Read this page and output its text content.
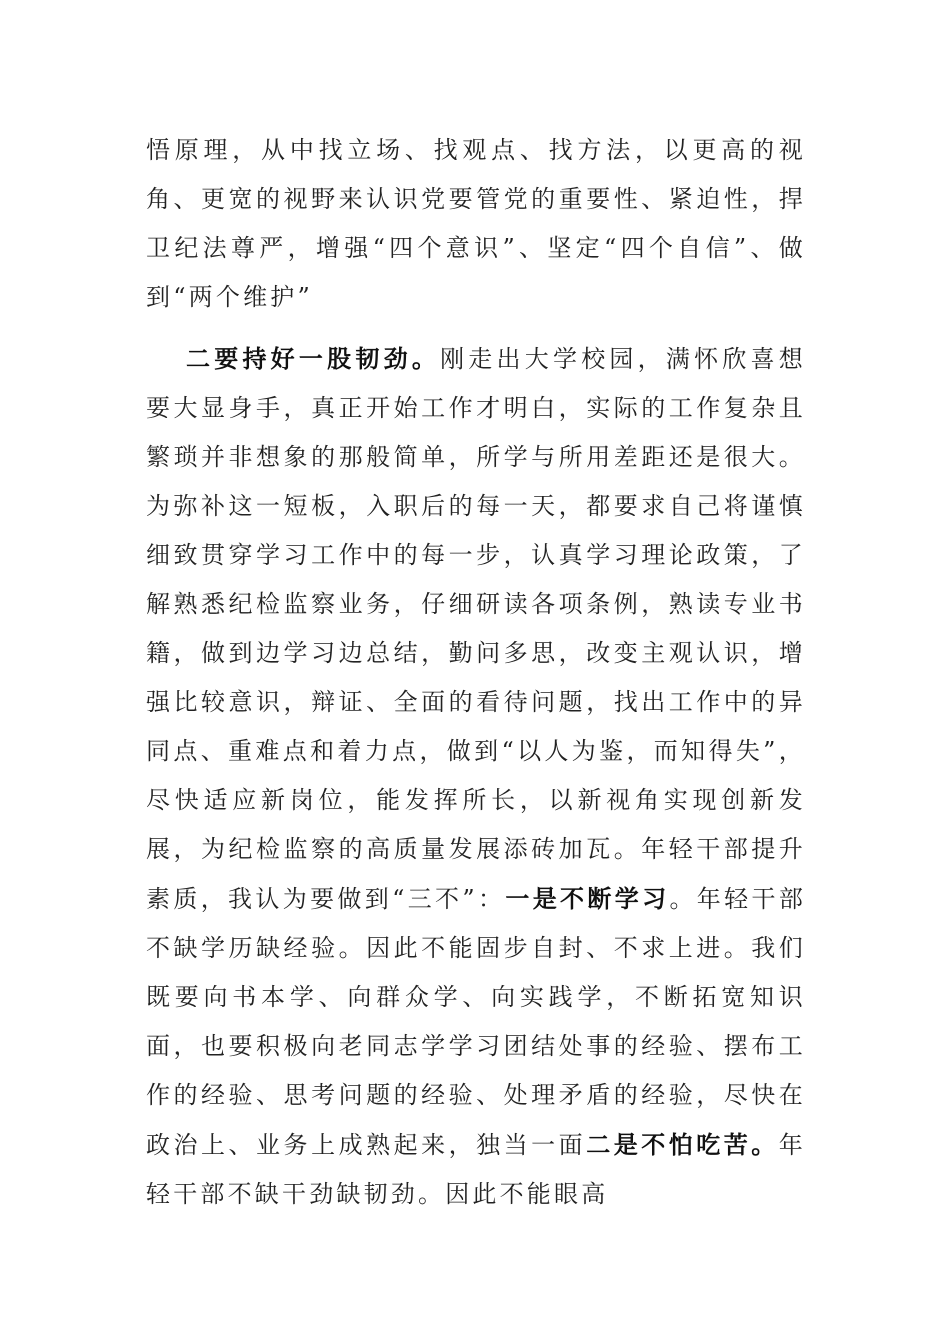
悟原理，从中找立场、找观点、找方法，以更高的视角、更宽的视野来认识党要管党的重要性、紧迫性，捍卫纪法尊严，增强“四个意识”、坚定“四个自信”、做到“两个维护”

二要持好一股韧劲。刚走出大学校园，满怀欣喜想要大显身手，真正开始工作才明白，实际的工作复杂且繁琐并非想象的那般简单，所学与所用差距还是很大。为弥补这一短板，入职后的每一天，都要求自己将谨慎细致贯穿学习工作中的每一步，认真学习理论政策，了解熟悉纪检监察业务，仔细研读各项条例，熟读专业书籍，做到边学习边总结，勤问多思，改变主观认识，增强比较意识，辩证、全面的看待问题，找出工作中的异同点、重难点和着力点，做到“以人为鉴，而知得失”，尽快适应新岗位，能发挥所长，以新视角实现创新发展，为纪检监察的高质量发展添砖加瓦。年轻干部提升素质，我认为要做到“三不”：一是不断学习。年轻干部不缺学历缺经验。因此不能固步自封、不求上进。我们既要向书本学、向群众学、向实践学，不断拓宽知识面，也要积极向老同志学学习团结处事的经验、摆布工作的经验、思考问题的经验、处理矛盾的经验，尽快在政治上、业务上成熟起来，独当一面二是不怕吃苦。年轻干部不缺干劲缺韧劲。因此不能眼高
